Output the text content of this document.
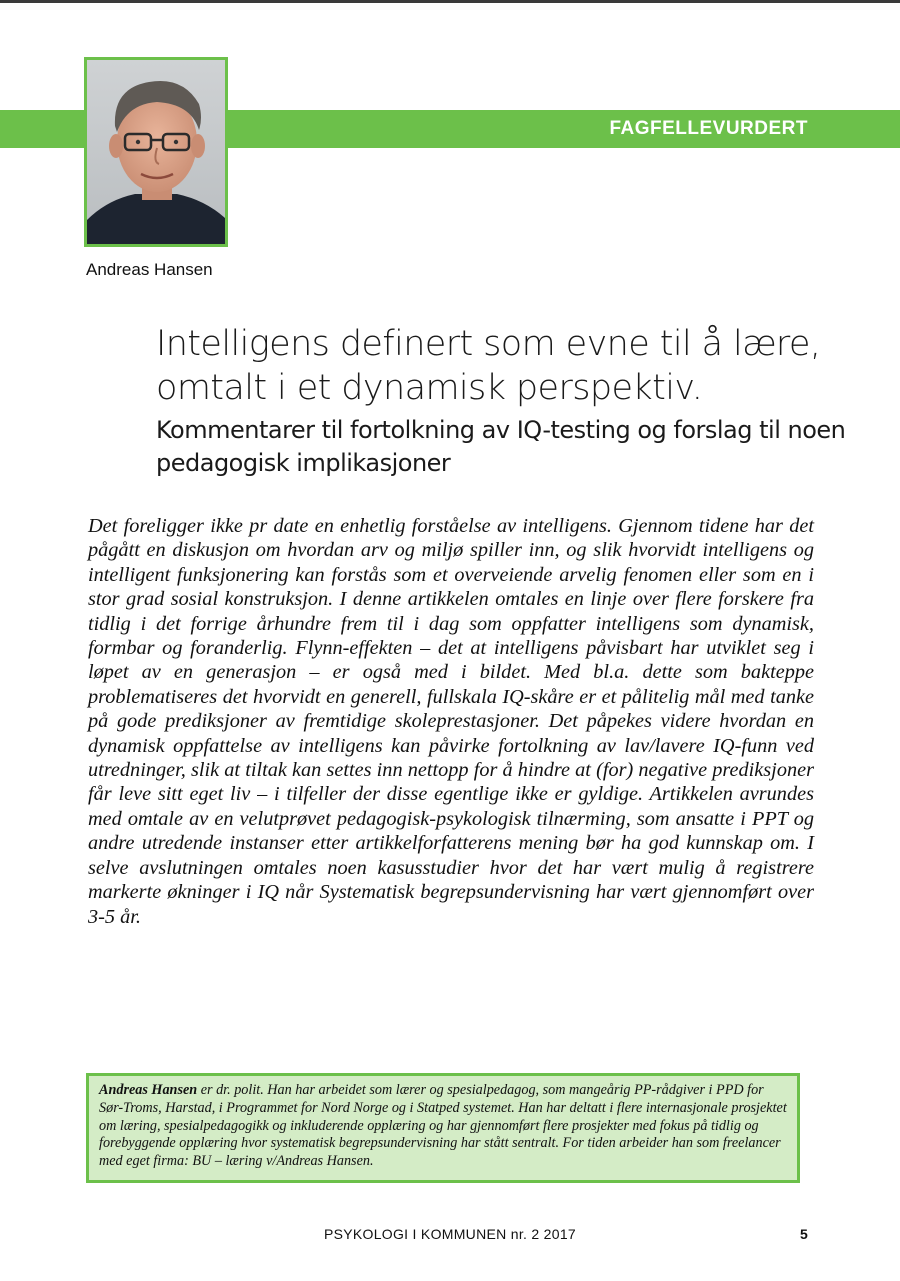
FAGFELLEVURDERT
Andreas Hansen
Intelligens definert som evne til å lære,
omtalt i et dynamisk perspektiv.
Kommentarer til fortolkning av IQ-testing og forslag til noen pedagogisk implikasjoner
Det foreligger ikke pr date en enhetlig forståelse av intelligens. Gjennom tidene har det pågått en diskusjon om hvordan arv og miljø spiller inn, og slik hvorvidt intelligens og intelligent funksjonering kan forstås som et overveiende arvelig fenomen eller som en i stor grad sosial konstruksjon. I denne artikkelen omtales en linje over flere forskere fra tidlig i det forrige århundre frem til i dag som oppfatter intelligens som dynamisk, formbar og foranderlig. Flynn-effekten – det at intelligens påvisbart har utviklet seg i løpet av en generasjon – er også med i bildet. Med bl.a. dette som bakteppe problematiseres det hvorvidt en generell, fullskala IQ-skåre er et pålitelig mål med tanke på gode prediksjoner av fremtidige skoleprestasjoner. Det påpekes videre hvordan en dynamisk oppfattelse av intelligens kan påvirke fortolkning av lav/lavere IQ-funn ved utredninger, slik at tiltak kan settes inn nettopp for å hindre at (for) negative prediksjoner får leve sitt eget liv – i tilfeller der disse egentlige ikke er gyldige. Artikkelen avrundes med omtale av en velutprøvet pedagogisk-psykologisk tilnærming, som ansatte i PPT og andre utredende instanser etter artikkelforfatterens mening bør ha god kunnskap om. I selve avslutningen omtales noen kasusstudier hvor det har vært mulig å registrere markerte økninger i IQ når Systematisk begrepsundervisning har vært gjennomført over 3-5 år.
Andreas Hansen er dr. polit. Han har arbeidet som lærer og spesialpedagog, som mangeårig PP-rådgiver i PPD for Sør-Troms, Harstad, i Programmet for Nord Norge og i Statped systemet. Han har deltatt i flere internasjonale prosjektet om læring, spesialpedagogikk og inkluderende opplæring og har gjennomført flere prosjekter med fokus på tidlig og forebyggende opplæring hvor systematisk begrepsundervisning har stått sentralt. For tiden arbeider han som freelancer med eget firma: BU – læring v/Andreas Hansen.
PSYKOLOGI I KOMMUNEN nr. 2 2017	5
